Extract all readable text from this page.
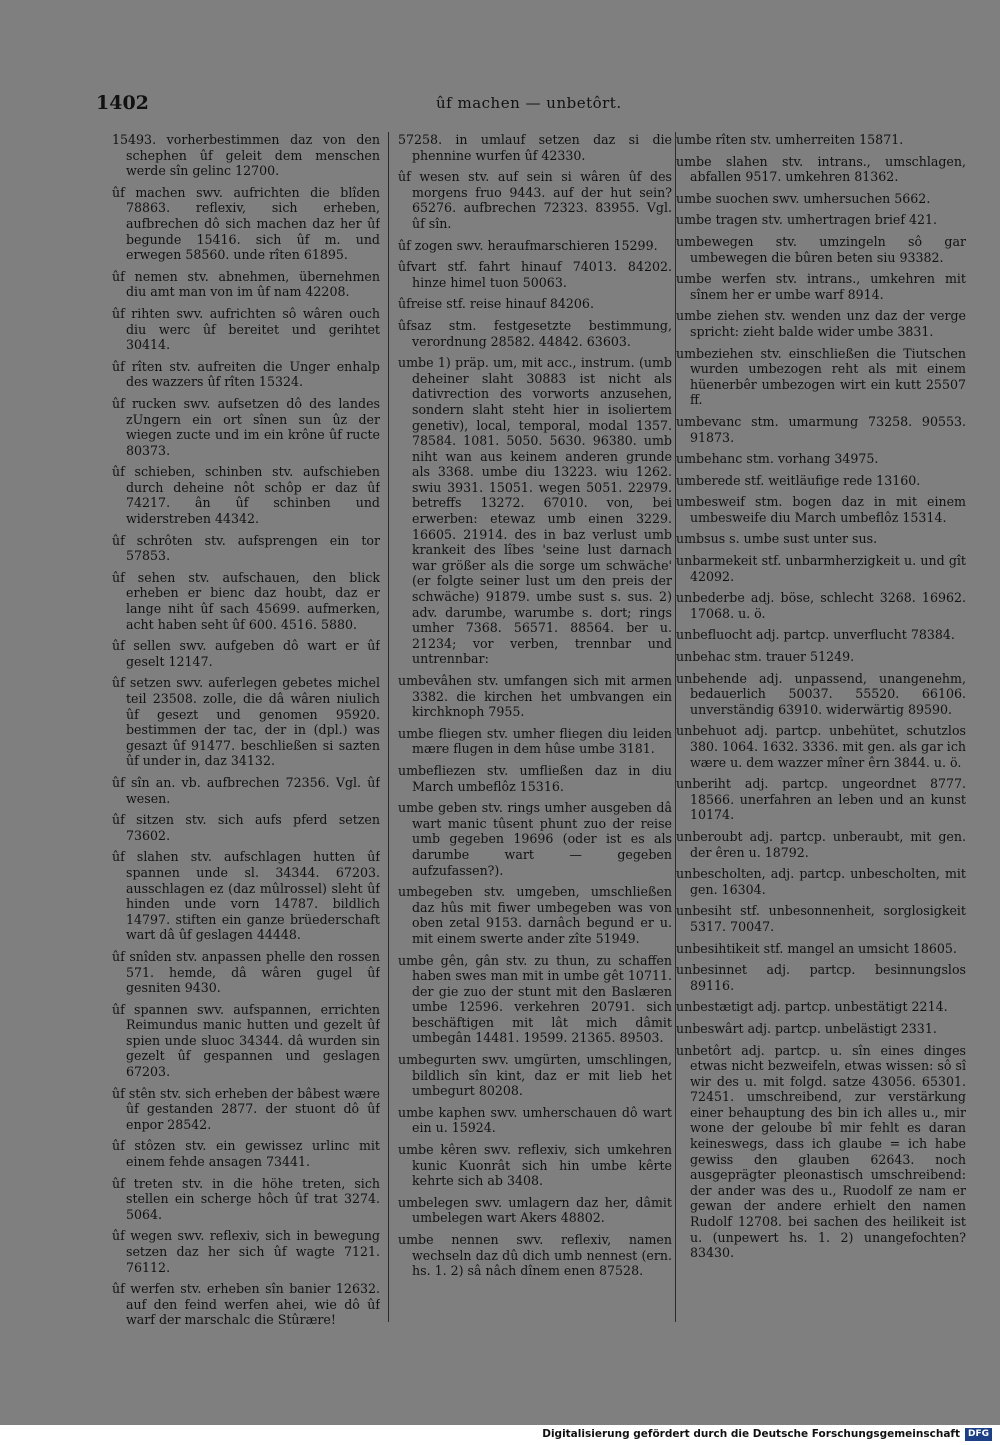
1402	ûf machen — unbetôrt.

15493. vorherbestimmen daz von den schephen ûf geleit dem menschen werde sîn gelinc 12700.

ûf machen swv. aufrichten die blîden 78863. reflexiv, sich erheben, aufbrechen dô sich machen daz her ûf begunde 15416. sich ûf m. und erwegen 58560. unde rîten 61895.

ûf nemen stv. abnehmen, übernehmen diu amt man von im ûf nam 42208.

ûf rihten swv. aufrichten sô wâren ouch diu werc ûf bereitet und gerihtet 30414.

ûf rîten stv. aufreiten die Unger enhalp des wazzers ûf rîten 15324.

ûf rucken swv. aufsetzen dô des landes zUngern ein ort sînen sun ûz der wiegen zucte und im ein krône ûf ructe 80373.

ûf schieben, schinben stv. aufschieben durch deheine nôt schôp er daz ûf 74217. ân ûf schinben und widerstreben 44342.

ûf schrôten stv. aufsprengen ein tor 57853.

ûf sehen stv. aufschauen, den blick erheben er bienc daz houbt, daz er lange niht ûf sach 45699. aufmerken, acht haben seht ûf 600. 4516. 5880.

ûf sellen swv. aufgeben dô wart er ûf geselt 12147.

ûf setzen swv. auferlegen gebetes michel teil 23508. zolle, die dâ wâren niulich ûf gesezt und genomen 95920. bestimmen der tac, der in (dpl.) was gesazt ûf 91477. beschließen si sazten ûf under in, daz 34132.

ûf sîn an. vb. aufbrechen 72356. Vgl. ûf wesen.

ûf sitzen stv. sich aufs pferd setzen 73602.

ûf slahen stv. aufschlagen hutten ûf spannen unde sl. 34344. 67203. ausschlagen ez (daz mûlrossel) sleht ûf hinden unde vorn 14787. bildlich 14797. stiften ein ganze brüederschaft wart dâ ûf geslagen 44448.

ûf snîden stv. anpassen phelle den rossen 571. hemde, dâ wâren gugel ûf gesniten 9430.

ûf spannen swv. aufspannen, errichten Reimundus manic hutten und gezelt ûf spien unde sluoc 34344. dâ wurden sin gezelt ûf gespannen und geslagen 67203.

ûf stên stv. sich erheben der bâbest wære ûf gestanden 2877. der stuont dô ûf enpor 28542.

ûf stôzen stv. ein gewissez urlinc mit einem fehde ansagen 73441.

ûf treten stv. in die höhe treten, sich stellen ein scherge hôch ûf trat 3274. 5064.

ûf wegen swv. reflexiv, sich in bewegung setzen daz her sich ûf wagte 7121. 76112.

ûf werfen stv. erheben sîn banier 12632. auf den feind werfen ahei, wie dô ûf warf der marschalc die Stûrære!

57258. in umlauf setzen daz si die phennine wurfen ûf 42330.

ûf wesen stv. auf sein si wâren ûf des morgens fruo 9443. auf der hut sein? 65276. aufbrechen 72323. 83955. Vgl. ûf sîn.

ûf zogen swv. heraufmarschieren 15299.

ûfvart stf. fahrt hinauf 74013. 84202. hinze himel tuon 50063.

ûfreise stf. reise hinauf 84206.

ûfsaz stm. festgesetzte bestimmung, verordnung 28582. 44842. 63603.

umbe 1) präp. um, mit acc., instrum. (umb deheiner slaht 30883 ist nicht als dativrection des vorworts anzusehen, sondern slaht steht hier in isoliertem genetiv), local, temporal, modal 1357. 78584. 1081. 5050. 5630. 96380. umb niht wan aus keinem anderen grunde als 3368. umbe diu 13223. wiu 1262. swiu 3931. 15051. wegen 5051. 22979. betreffs 13272. 67010. von, bei erwerben: etewaz umb einen 3229. 16605. 21914. des in baz verlust umb krankeit des lîbes 'seine lust darnach war größer als die sorge um schwäche' (er folgte seiner lust um den preis der schwäche) 91879. umbe sust s. sus. 2) adv. darumbe, warumbe s. dort; rings umher 7368. 56571. 88564. ber u. 21234; vor verben, trennbar und untrennbar:

umbevâhen stv. umfangen sich mit armen 3382. die kirchen het umbvangen ein kirchknoph 7955.

umbe fliegen stv. umher fliegen diu leiden mære flugen in dem hûse umbe 3181.

umbefliezen stv. umfließen daz in diu March umbeflôz 15316.

umbe geben stv. rings umher ausgeben dâ wart manic tûsent phunt zuo der reise umb gegeben 19696 (oder ist es als darumbe wart — gegeben aufzufassen?).

umbegeben stv. umgeben, umschließen daz hûs mit fiwer umbegeben was von oben zetal 9153. darnâch begund er u. mit einem swerte ander zîte 51949.

umbe gên, gân stv. zu thun, zu schaffen haben swes man mit in umbe gêt 10711. der gie zuo der stunt mit den Baslæren umbe 12596. verkehren 20791. sich beschäftigen mit lât mich dâmit umbegân 14481. 19599. 21365. 89503.

umbegurten swv. umgürten, umschlingen, bildlich sîn kint, daz er mit lieb het umbegurt 80208.

umbe kaphen swv. umherschauen dô wart ein u. 15924.

umbe kêren swv. reflexiv, sich umkehren kunic Kuonrât sich hin umbe kêrte kehrte sich ab 3408.

umbelegen swv. umlagern daz her, dâmit umbelegen wart Akers 48802.

umbe nennen swv. reflexiv, namen wechseln daz dû dich umb nennest (ern. hs. 1. 2) sâ nâch dînem enen 87528.

umbe rîten stv. umherreiten 15871.

umbe slahen stv. intrans., umschlagen, abfallen 9517. umkehren 81362.

umbe suochen swv. umhersuchen 5662.

umbe tragen stv. umhertragen brief 421.

umbewegen stv. umzingeln sô gar umbewegen die bûren beten siu 93382.

umbe werfen stv. intrans., umkehren mit sînem her er umbe warf 8914.

umbe ziehen stv. wenden unz daz der verge spricht: zieht balde wider umbe 3831.

umbeziehen stv. einschließen die Tiutschen wurden umbezogen reht als mit einem hüenerbêr umbezogen wirt ein kutt 25507 ff.

umbevanc stm. umarmung 73258. 90553. 91873.

umbehanc stm. vorhang 34975.

umberede stf. weitläufige rede 13160.

umbesweif stm. bogen daz in mit einem umbesweife diu March umbeflôz 15314.

umbsus s. umbe sust unter sus.

unbarmekeit stf. unbarmherzigkeit u. und gît 42092.

unbederbe adj. böse, schlecht 3268. 16962. 17068. u. ö.

unbefluocht adj. partcp. unverflucht 78384.

unbehac stm. trauer 51249.

unbehende adj. unpassend, unangenehm, bedauerlich 50037. 55520. 66106. unverständig 63910. widerwärtig 89590.

unbehuot adj. partcp. unbehütet, schutzlos 380. 1064. 1632. 3336. mit gen. als gar ich wære u. dem wazzer mîner êrn 3844. u. ö.

unberiht adj. partcp. ungeordnet 8777. 18566. unerfahren an leben und an kunst 10174.

unberoubt adj. partcp. unberaubt, mit gen. der êren u. 18792.

unbescholten, adj. partcp. unbescholten, mit gen. 16304.

unbesiht stf. unbesonnenheit, sorglosigkeit 5317. 70047.

unbesihtikeit stf. mangel an umsicht 18605.

unbesinnet adj. partcp. besinnungslos 89116.

unbestætigt adj. partcp. unbestätigt 2214.

unbeswârt adj. partcp. unbelästigt 2331.

unbetôrt adj. partcp. u. sîn eines dinges etwas nicht bezweifeln, etwas wissen: sô sî wir des u. mit folgd. satze 43056. 65301. 72451. umschreibend, zur verstärkung einer behauptung des bin ich alles u., mir wone der geloube bî mir fehlt es daran keineswegs, dass ich glaube = ich habe gewiss den glauben 62643. noch ausgeprägter pleonastisch umschreibend: der ander was des u., Ruodolf ze nam er gewan der andere erhielt den namen Rudolf 12708. bei sachen des heilikeit ist u. (unpewert hs. 1. 2) unangefochten? 83430.

Digitalisierung gefördert durch die Deutsche Forschungsgemeinschaft DFG
